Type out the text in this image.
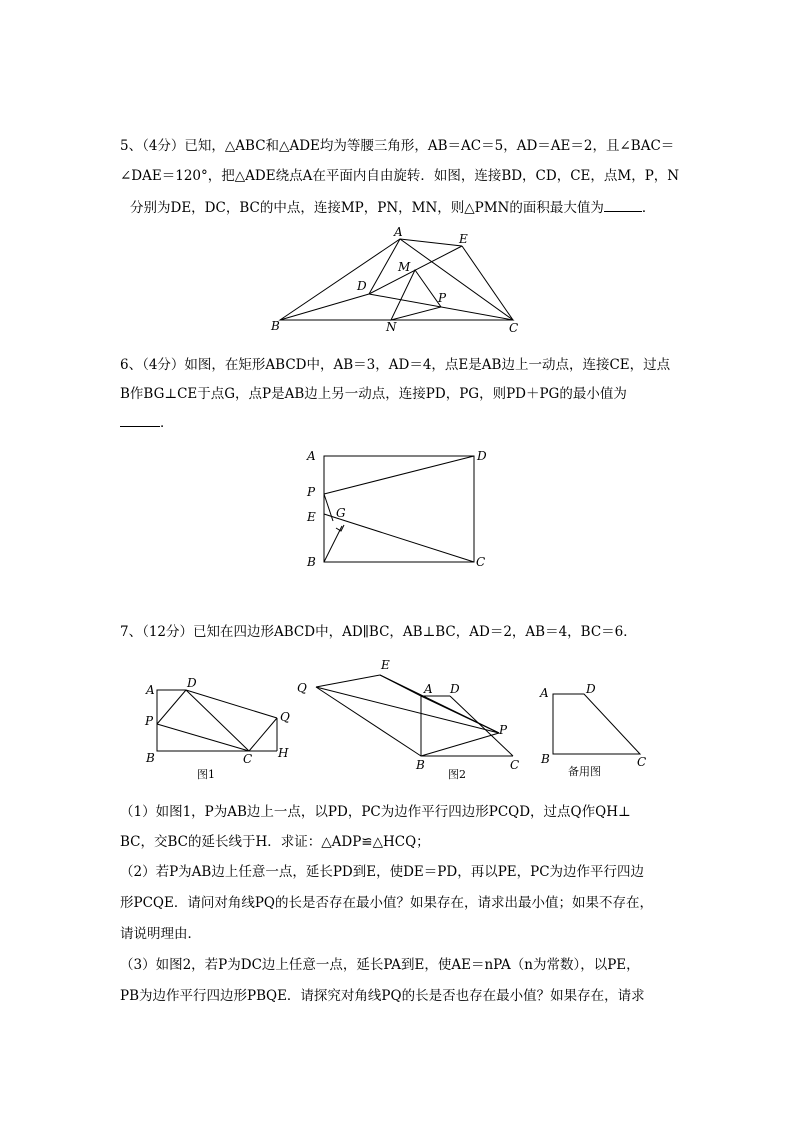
5、（4分）已知，△ABC和△ADE均为等腰三角形，AB＝AC＝5，AD＝AE＝2，且∠BAC＝
∠DAE＝120°，把△ADE绕点A在平面内自由旋转．如图，连接BD，CD，CE，点M，P，N
分别为DE，DC，BC的中点，连接MP，PN，MN，则△PMN的面积最大值为	．
A	E
M
D
P
B	N	C
6、（4分）如图，在矩形ABCD中，AB＝3，AD＝4，点E是AB边上一动点，连接CE，过点
B作BG⊥CE于点G，点P是AB边上另一动点，连接PD，PG，则PD＋PG的最小值为
．
A	D
P
E G
B	C
7、（12分）已知在四边形ABCD中，AD∥BC，AB⊥BC，AD＝2，AB＝4，BC＝6．
A	D
P	Q
B	C H
图1
E
Q	A D
P
B	C
图2
A	D
B	C
备用图
（1）如图1，P为AB边上一点，以PD，PC为边作平行四边形PCQD，过点Q作QH⊥
BC，交BC的延长线于H．求证：△ADP≌△HCQ；
（2）若P为AB边上任意一点，延长PD到E，使DE＝PD，再以PE，PC为边作平行四边
形PCQE．请问对角线PQ的长是否存在最小值？如果存在，请求出最小值；如果不存在，
请说明理由．
（3）如图2，若P为DC边上任意一点，延长PA到E，使AE＝nPA（n为常数），以PE，
PB为边作平行四边形PBQE．请探究对角线PQ的长是否也存在最小值？如果存在，请求
